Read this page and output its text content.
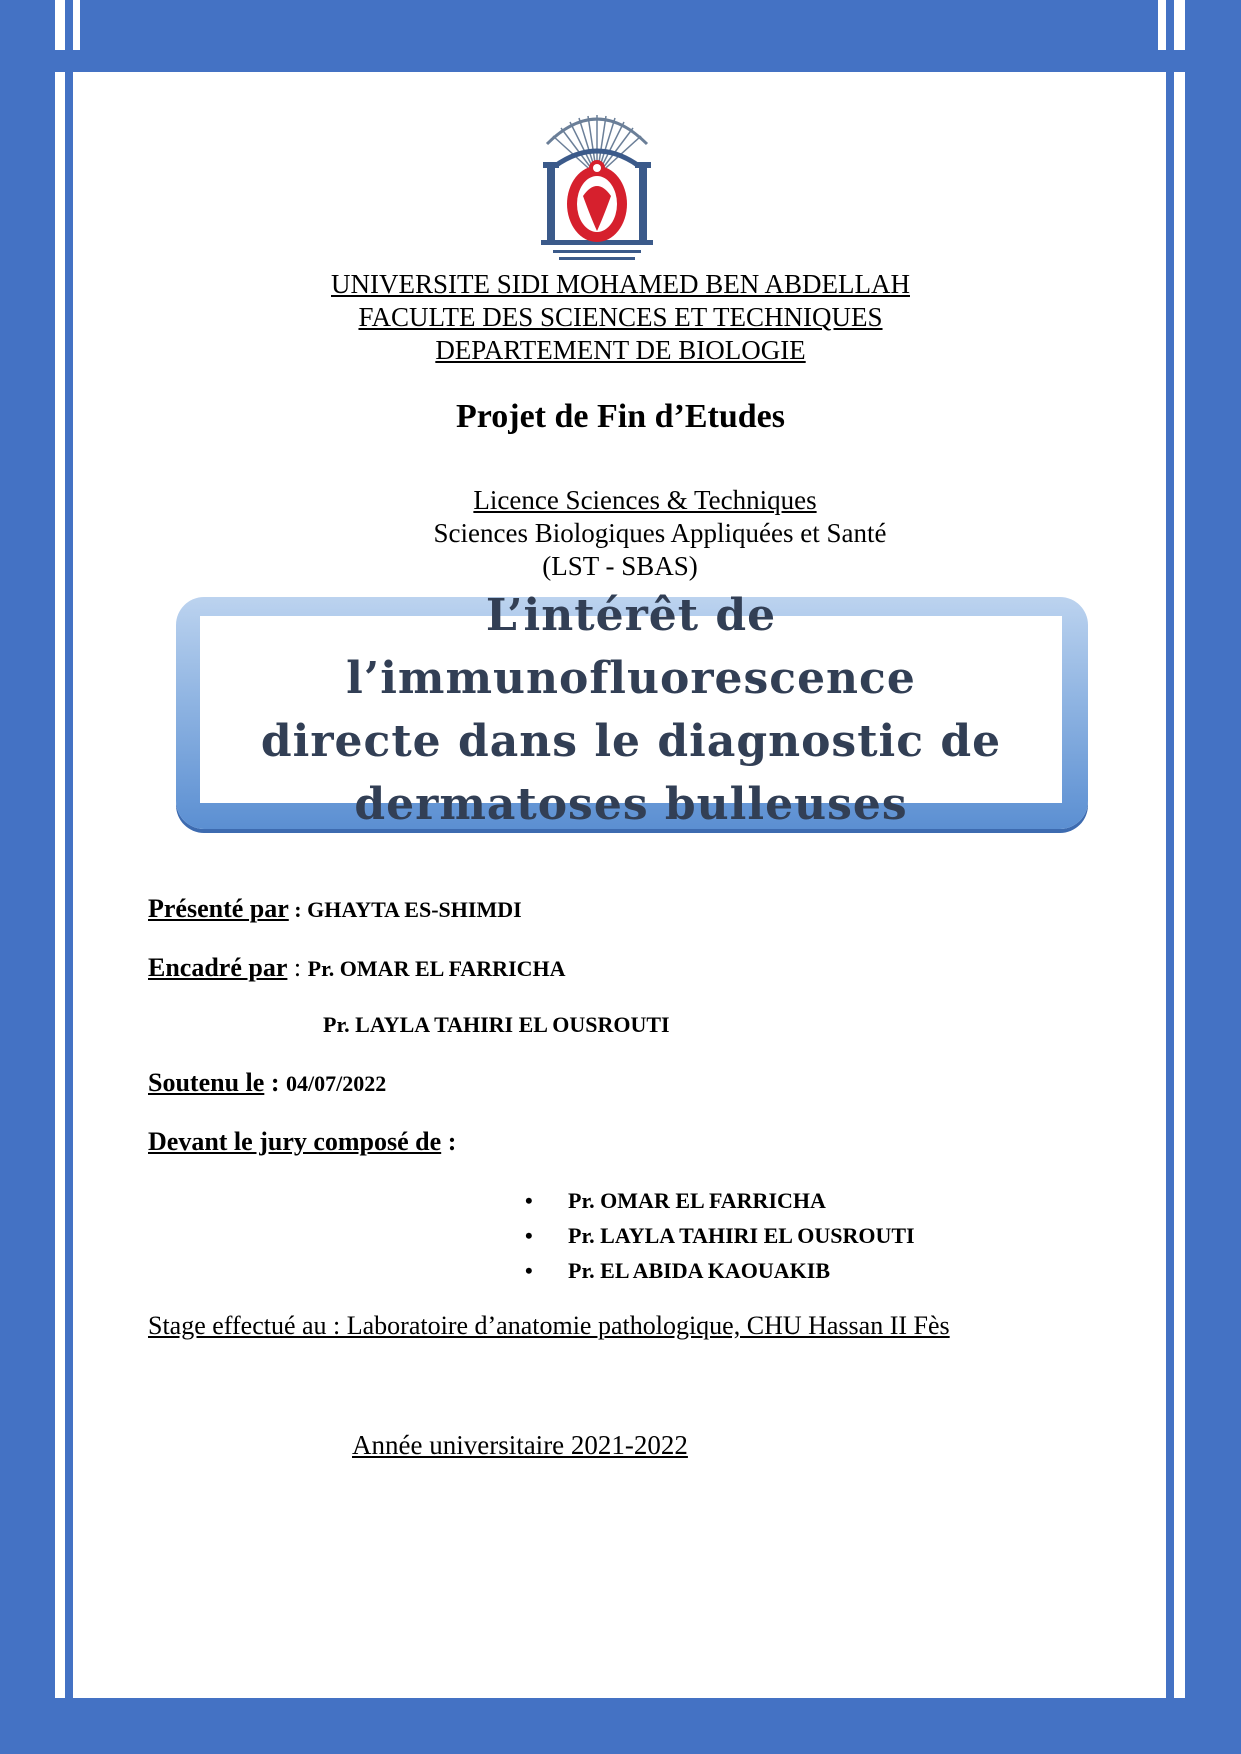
UNIVERSITE SIDI MOHAMED BEN ABDELLAH
FACULTE DES SCIENCES ET TECHNIQUES
DEPARTEMENT DE BIOLOGIE
Projet de Fin d’Etudes
Licence Sciences & Techniques
Sciences Biologiques Appliquées et Santé
(LST - SBAS)
L’intérêt de l’immunofluorescence
directe dans le diagnostic de
dermatoses bulleuses
Présenté par : GHAYTA ES-SHIMDI
Encadré par : Pr. OMAR EL FARRICHA
Pr. LAYLA TAHIRI EL OUSROUTI
Soutenu le : 04/07/2022
Devant le jury composé de :
• Pr. OMAR EL FARRICHA
• Pr. LAYLA TAHIRI EL OUSROUTI
• Pr. EL ABIDA KAOUAKIB
Stage effectué au : Laboratoire d’anatomie pathologique, CHU Hassan II Fès
Année universitaire 2021-2022
